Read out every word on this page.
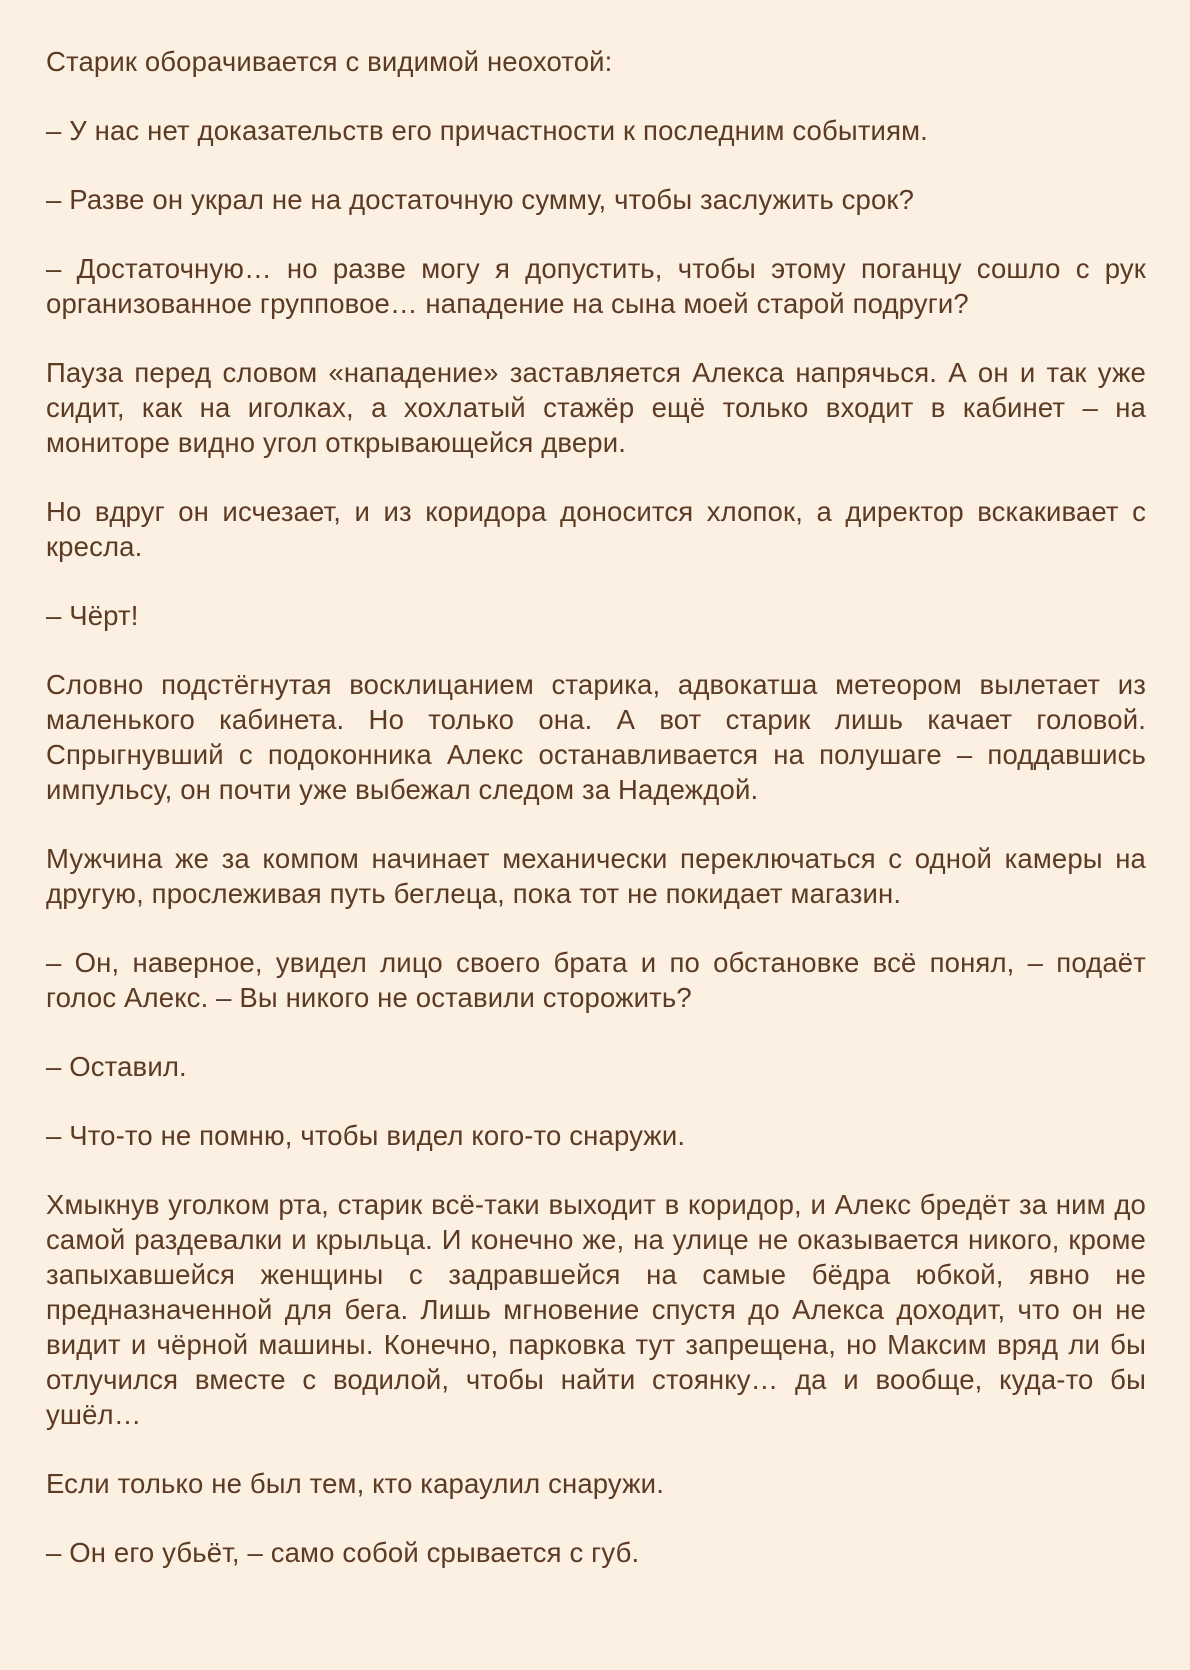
Старик оборачивается с видимой неохотой:

– У нас нет доказательств его причастности к последним событиям.

– Разве он украл не на достаточную сумму, чтобы заслужить срок?

– Достаточную… но разве могу я допустить, чтобы этому поганцу сошло с рук организованное групповое… нападение на сына моей старой подруги?

Пауза перед словом «нападение» заставляется Алекса напрячься. А он и так уже сидит, как на иголках, а хохлатый стажёр ещё только входит в кабинет – на мониторе видно угол открывающейся двери.

Но вдруг он исчезает, и из коридора доносится хлопок, а директор вскакивает с кресла.

– Чёрт!

Словно подстёгнутая восклицанием старика, адвокатша метеором вылетает из маленького кабинета. Но только она. А вот старик лишь качает головой. Спрыгнувший с подоконника Алекс останавливается на полушаге – поддавшись импульсу, он почти уже выбежал следом за Надеждой.

Мужчина же за компом начинает механически переключаться с одной камеры на другую, прослеживая путь беглеца, пока тот не покидает магазин.

– Он, наверное, увидел лицо своего брата и по обстановке всё понял, – подаёт голос Алекс. – Вы никого не оставили сторожить?

– Оставил.

– Что-то не помню, чтобы видел кого-то снаружи.

Хмыкнув уголком рта, старик всё-таки выходит в коридор, и Алекс бредёт за ним до самой раздевалки и крыльца. И конечно же, на улице не оказывается никого, кроме запыхавшейся женщины с задравшейся на самые бёдра юбкой, явно не предназначенной для бега. Лишь мгновение спустя до Алекса доходит, что он не видит и чёрной машины. Конечно, парковка тут запрещена, но Максим вряд ли бы отлучился вместе с водилой, чтобы найти стоянку… да и вообще, куда-то бы ушёл…

Если только не был тем, кто караулил снаружи.

– Он его убьёт, – само собой срывается с губ.
